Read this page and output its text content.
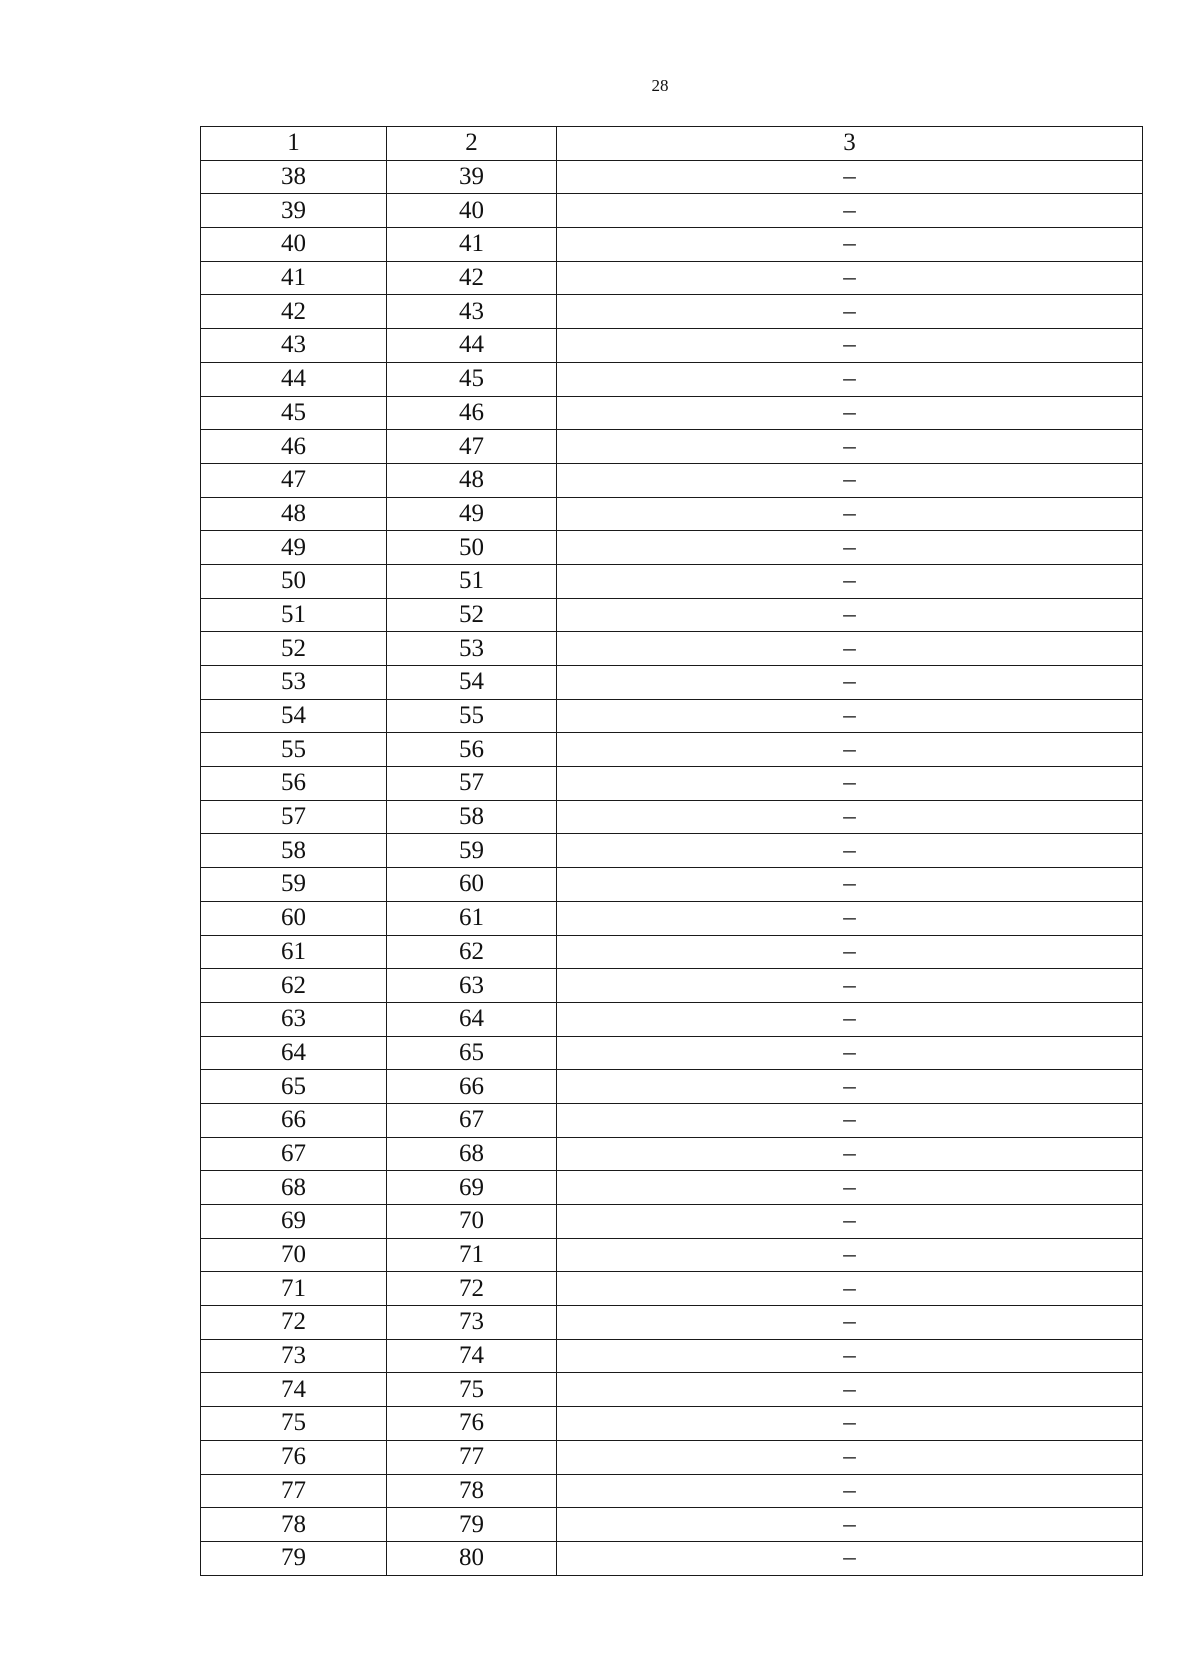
28
1	2	3
38	39	–
39	40	–
40	41	–
41	42	–
42	43	–
43	44	–
44	45	–
45	46	–
46	47	–
47	48	–
48	49	–
49	50	–
50	51	–
51	52	–
52	53	–
53	54	–
54	55	–
55	56	–
56	57	–
57	58	–
58	59	–
59	60	–
60	61	–
61	62	–
62	63	–
63	64	–
64	65	–
65	66	–
66	67	–
67	68	–
68	69	–
69	70	–
70	71	–
71	72	–
72	73	–
73	74	–
74	75	–
75	76	–
76	77	–
77	78	–
78	79	–
79	80	–
